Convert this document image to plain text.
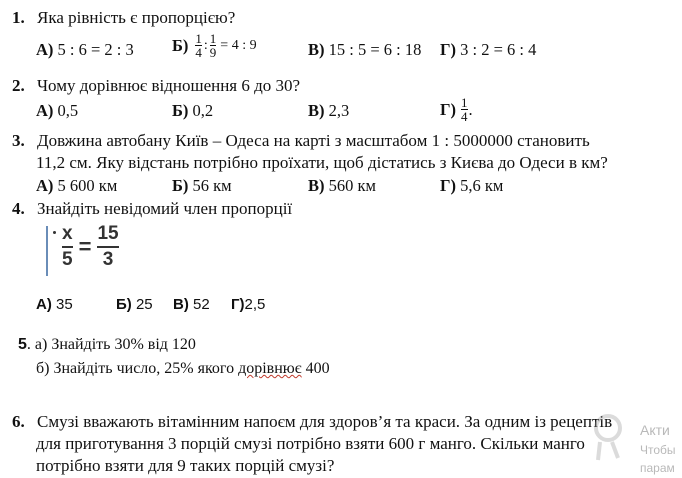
1. Яка рівність є пропорцією?
А) 5 : 6 = 2 : 3 $Б) \frac{1}{4}$ : $\frac{1}{9} = 4$ : 9	В) 15 : 5 = 6 : 18 Г) 3 : 2 = 6 : 4
2. Чому дорівнює відношення 6 до 30?
А) 0,5	Б) 0,2	В) 2,3	$Г) \frac{1}{4}$ .
3. Довжина автобану Київ – Одеса на карті з масштабом 1 : 5000000 становить
11,2 см. Яку відстань потрібно проїхати, щоб дістатись з Києва до Одеси в км?
А) 5 600 км	Б) 56 км	В) 560 км	Г) 5,6 км
4. Знайдіть невідомий член пропорції
$\frac{x}{5} = \frac{15}{3}$
А) 35	Б) 25 В) 52 Г)2,5
5. а) Знайдіть 30% від 120
б) Знайдіть число, 25% якого дорівнює 400
6. Смузі вважають вітамінним напоєм для здоров’я та краси. За одним із рецептів
для приготування 3 порцій смузі потрібно взяти 600 г манго. Скільки манго
потрібно взяти для 9 таких порцій смузі?
Акти
Чтобы
парам
